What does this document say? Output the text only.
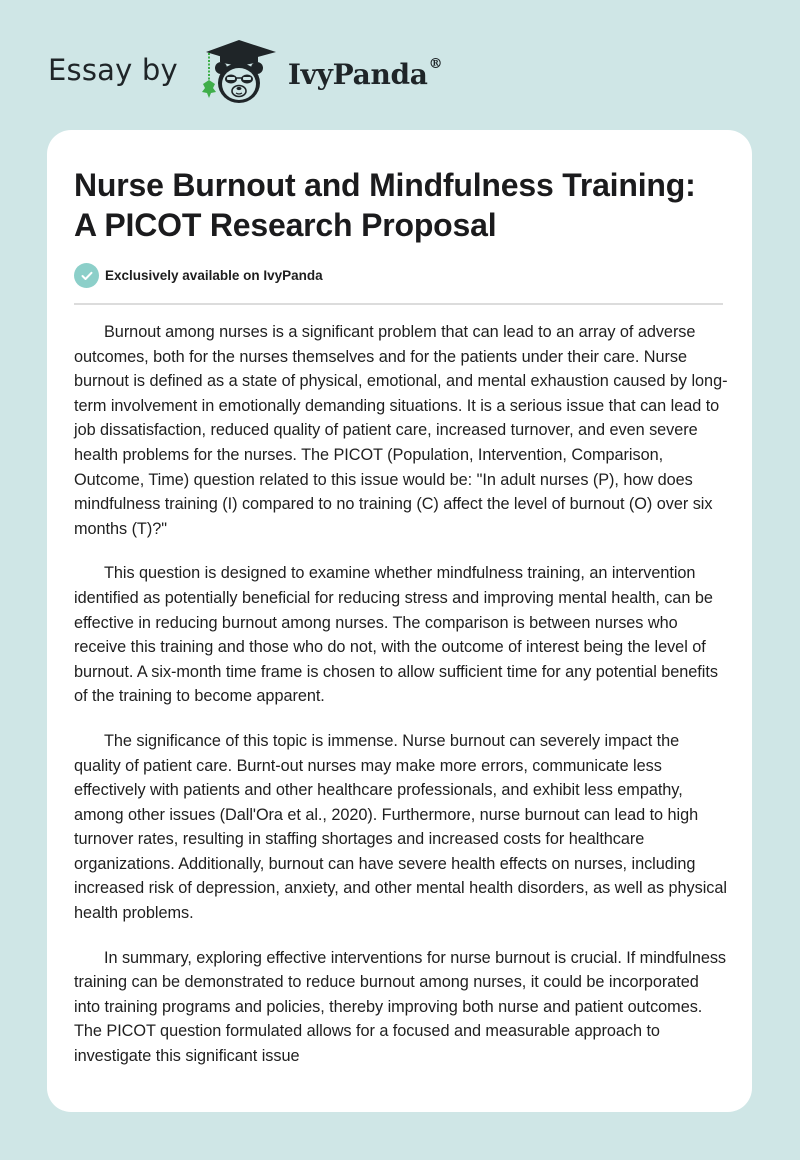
Essay by	IvyPanda®
Nurse Burnout and Mindfulness Training: A PICOT Research Proposal
Exclusively available on IvyPanda

Burnout among nurses is a significant problem that can lead to an array of adverse outcomes, both for the nurses themselves and for the patients under their care. Nurse burnout is defined as a state of physical, emotional, and mental exhaustion caused by long-term involvement in emotionally demanding situations. It is a serious issue that can lead to job dissatisfaction, reduced quality of patient care, increased turnover, and even severe health problems for the nurses. The PICOT (Population, Intervention, Comparison, Outcome, Time) question related to this issue would be: "In adult nurses (P), how does mindfulness training (I) compared to no training (C) affect the level of burnout (O) over six months (T)?"

This question is designed to examine whether mindfulness training, an intervention identified as potentially beneficial for reducing stress and improving mental health, can be effective in reducing burnout among nurses. The comparison is between nurses who receive this training and those who do not, with the outcome of interest being the level of burnout. A six-month time frame is chosen to allow sufficient time for any potential benefits of the training to become apparent.

The significance of this topic is immense. Nurse burnout can severely impact the quality of patient care. Burnt-out nurses may make more errors, communicate less effectively with patients and other healthcare professionals, and exhibit less empathy, among other issues (Dall'Ora et al., 2020). Furthermore, nurse burnout can lead to high turnover rates, resulting in staffing shortages and increased costs for healthcare organizations. Additionally, burnout can have severe health effects on nurses, including increased risk of depression, anxiety, and other mental health disorders, as well as physical health problems.

In summary, exploring effective interventions for nurse burnout is crucial. If mindfulness training can be demonstrated to reduce burnout among nurses, it could be incorporated into training programs and policies, thereby improving both nurse and patient outcomes. The PICOT question formulated allows for a focused and measurable approach to investigate this significant issue
